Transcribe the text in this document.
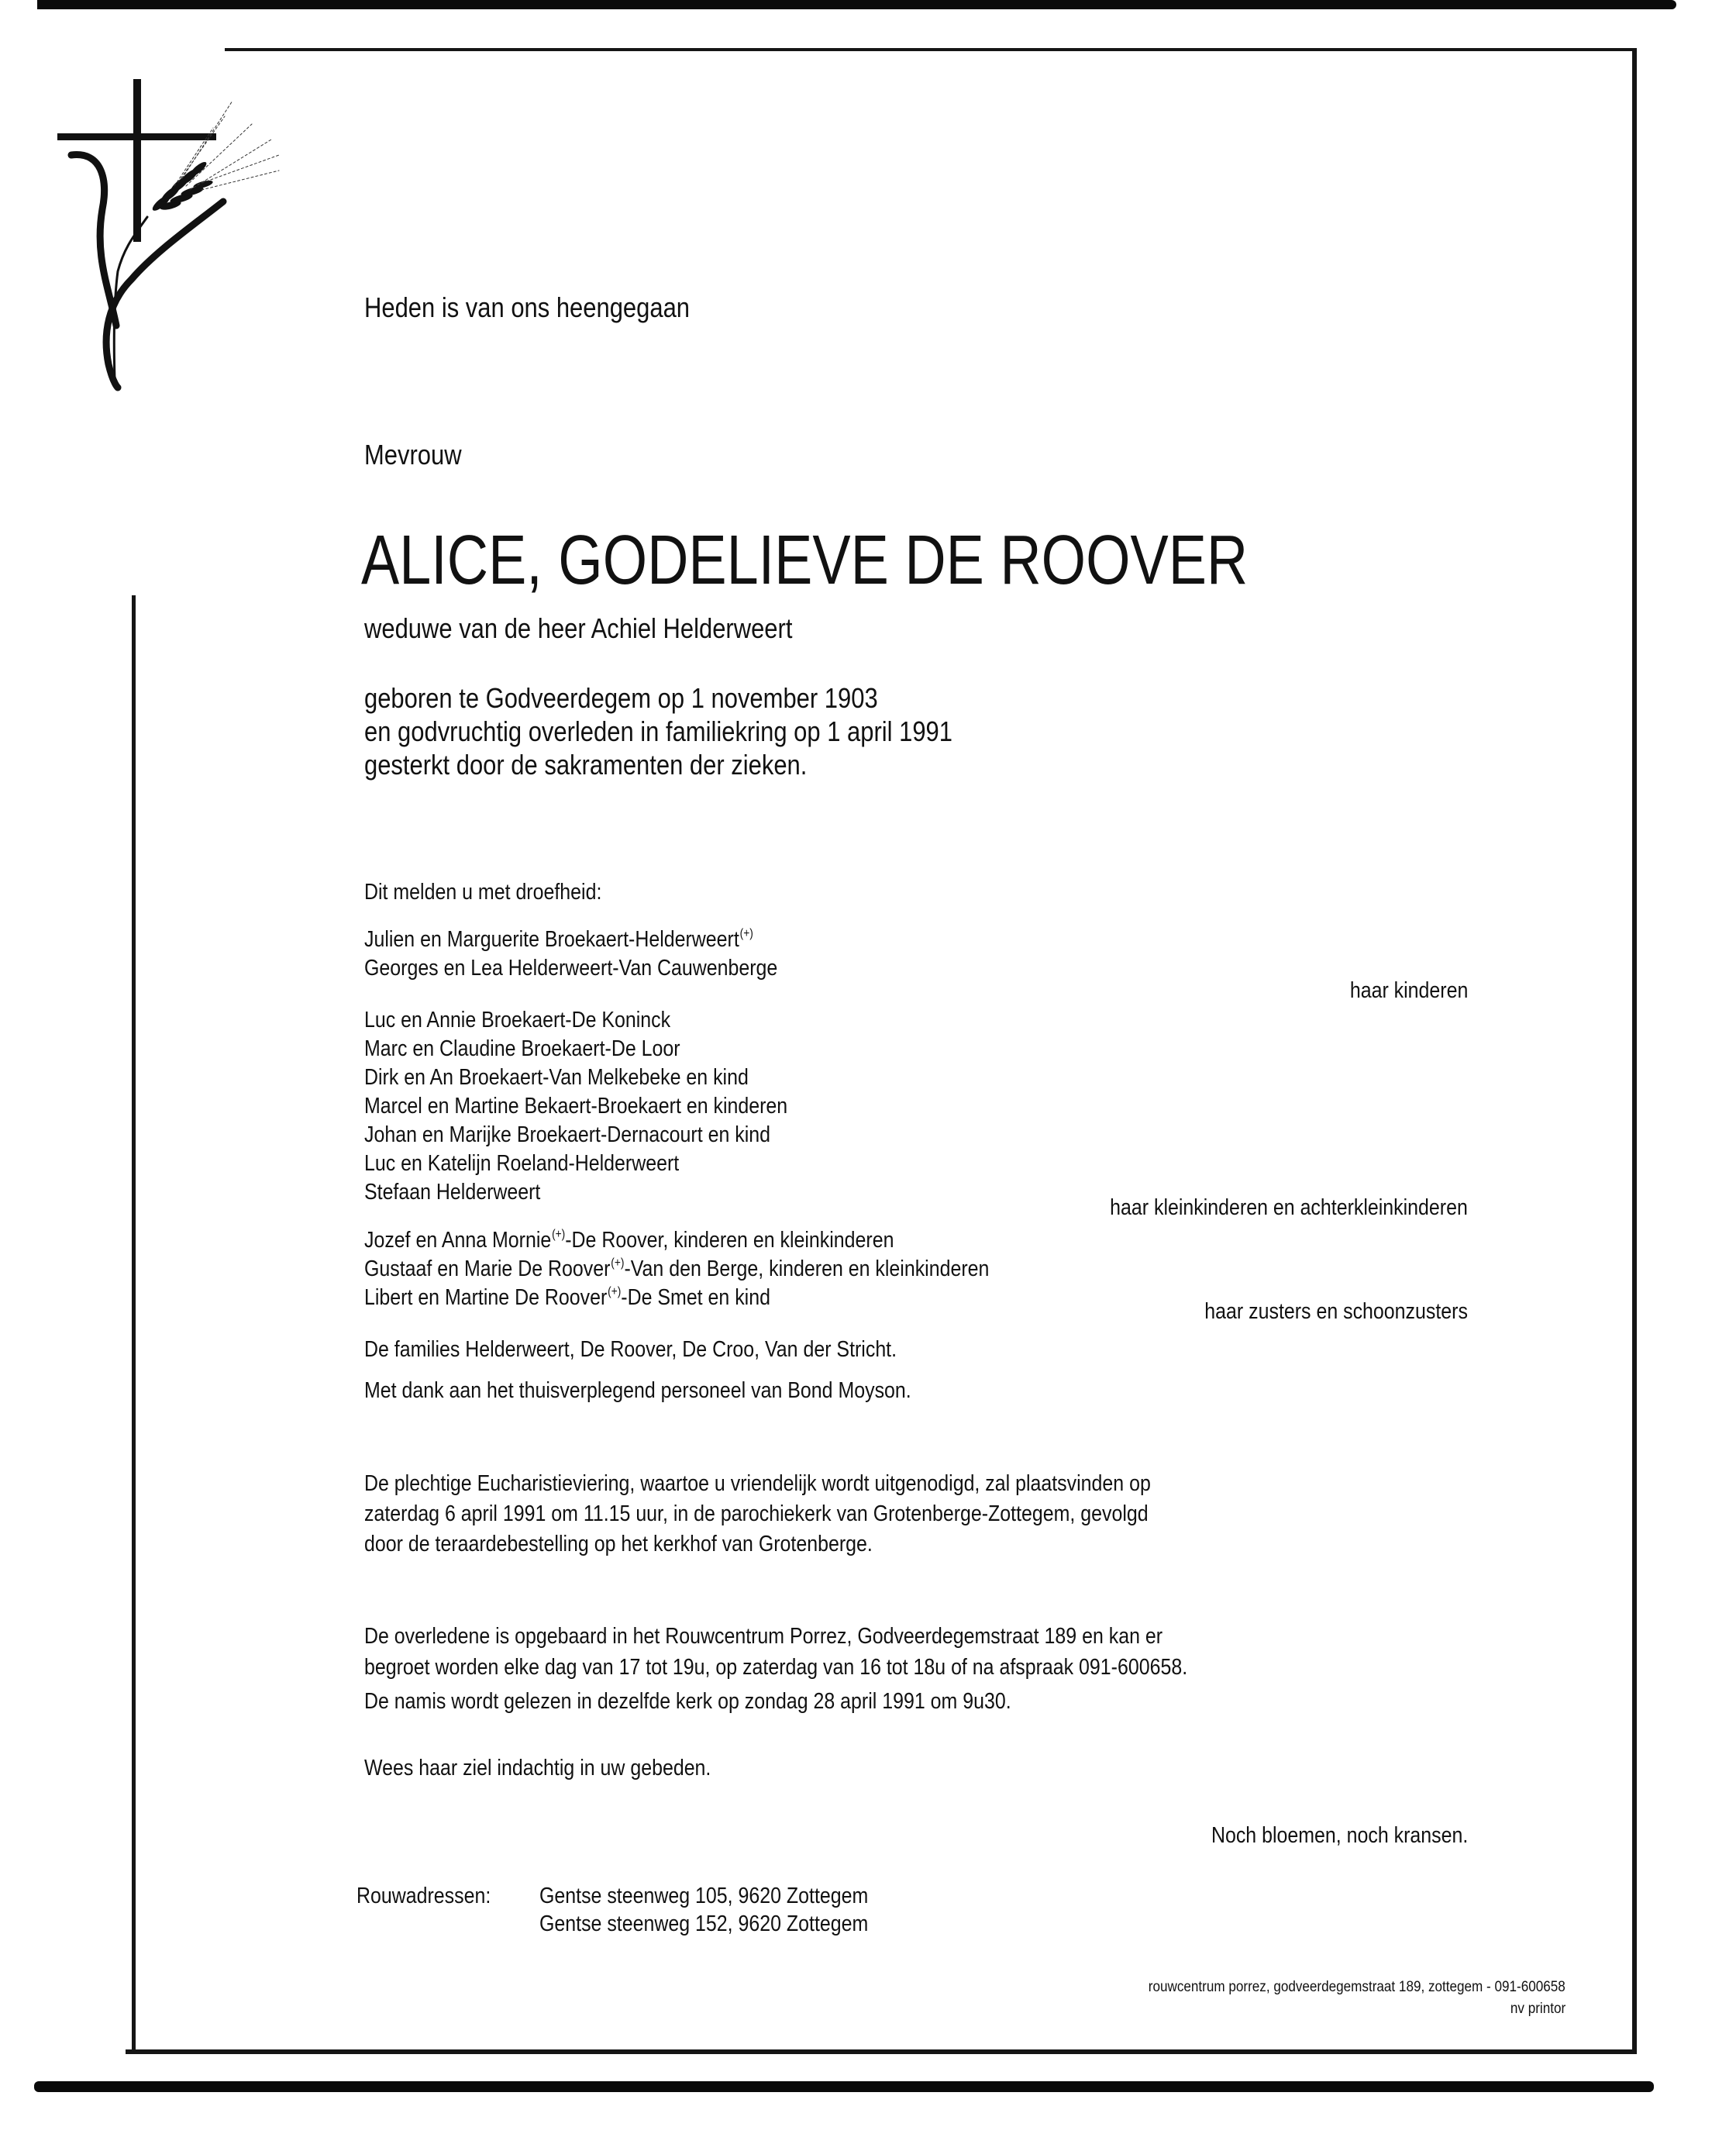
Heden is van ons heengegaan
Mevrouw
ALICE, GODELIEVE DE ROOVER
weduwe van de heer Achiel Helderweert
geboren te Godveerdegem op 1 november 1903
en godvruchtig overleden in familiekring op 1 april 1991
gesterkt door de sakramenten der zieken.
Dit melden u met droefheid:
Julien en Marguerite Broekaert-Helderweert(+)
Georges en Lea Helderweert-Van Cauwenberge
haar kinderen
Luc en Annie Broekaert-De Koninck
Marc en Claudine Broekaert-De Loor
Dirk en An Broekaert-Van Melkebeke en kind
Marcel en Martine Bekaert-Broekaert en kinderen
Johan en Marijke Broekaert-Dernacourt en kind
Luc en Katelijn Roeland-Helderweert
Stefaan Helderweert
haar kleinkinderen en achterkleinkinderen
Jozef en Anna Mornie(+)-De Roover, kinderen en kleinkinderen
Gustaaf en Marie De Roover(+)-Van den Berge, kinderen en kleinkinderen
Libert en Martine De Roover(+)-De Smet en kind
haar zusters en schoonzusters
De families Helderweert, De Roover, De Croo, Van der Stricht.
Met dank aan het thuisverplegend personeel van Bond Moyson.
De plechtige Eucharistieviering, waartoe u vriendelijk wordt uitgenodigd, zal plaatsvinden op
zaterdag 6 april 1991 om 11.15 uur, in de parochiekerk van Grotenberge-Zottegem, gevolgd
door de teraardebestelling op het kerkhof van Grotenberge.
De overledene is opgebaard in het Rouwcentrum Porrez, Godveerdegemstraat 189 en kan er
begroet worden elke dag van 17 tot 19u, op zaterdag van 16 tot 18u of na afspraak 091-600658.
De namis wordt gelezen in dezelfde kerk op zondag 28 april 1991 om 9u30.
Wees haar ziel indachtig in uw gebeden.
Noch bloemen, noch kransen.
Rouwadressen: Gentse steenweg 105, 9620 Zottegem
Gentse steenweg 152, 9620 Zottegem
rouwcentrum porrez, godveerdegemstraat 189, zottegem - 091-600658
nv printor
